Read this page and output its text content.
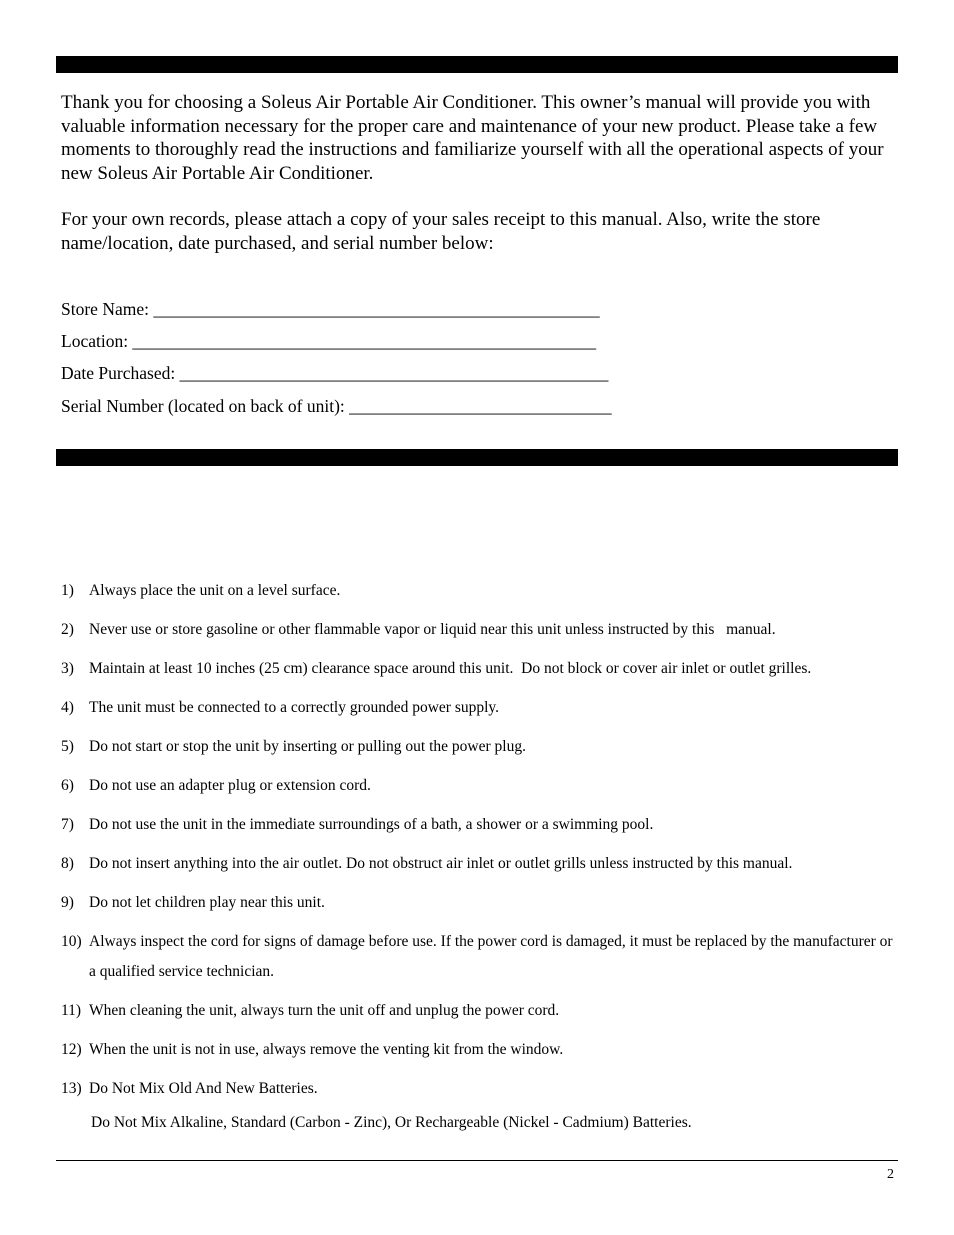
Thank you for choosing a Soleus Air Portable Air Conditioner. This owner’s manual will provide you with valuable information necessary for the proper care and maintenance of your new product. Please take a few moments to thoroughly read the instructions and familiarize yourself with all the operational aspects of your new Soleus Air Portable Air Conditioner.

For your own records, please attach a copy of your sales receipt to this manual. Also, write the store name/location, date purchased, and serial number below:

Store Name: ___________________________________________________
Location: _____________________________________________________
Date Purchased: _________________________________________________
Serial Number (located on back of unit): ______________________________
1) Always place the unit on a level surface.
2) Never use or store gasoline or other flammable vapor or liquid near this unit unless instructed by this   manual.
3) Maintain at least 10 inches (25 cm) clearance space around this unit.  Do not block or cover air inlet or outlet grilles.
4) The unit must be connected to a correctly grounded power supply.
5) Do not start or stop the unit by inserting or pulling out the power plug.
6) Do not use an adapter plug or extension cord.
7) Do not use the unit in the immediate surroundings of a bath, a shower or a swimming pool.
8) Do not insert anything into the air outlet. Do not obstruct air inlet or outlet grills unless instructed by this manual.
9) Do not let children play near this unit.
10) Always inspect the cord for signs of damage before use. If the power cord is damaged, it must be replaced by the manufacturer or a qualified service technician.
11) When cleaning the unit, always turn the unit off and unplug the power cord.
12) When the unit is not in use, always remove the venting kit from the window.
13) Do Not Mix Old And New Batteries.
Do Not Mix Alkaline, Standard (Carbon - Zinc), Or Rechargeable (Nickel - Cadmium) Batteries.
2
